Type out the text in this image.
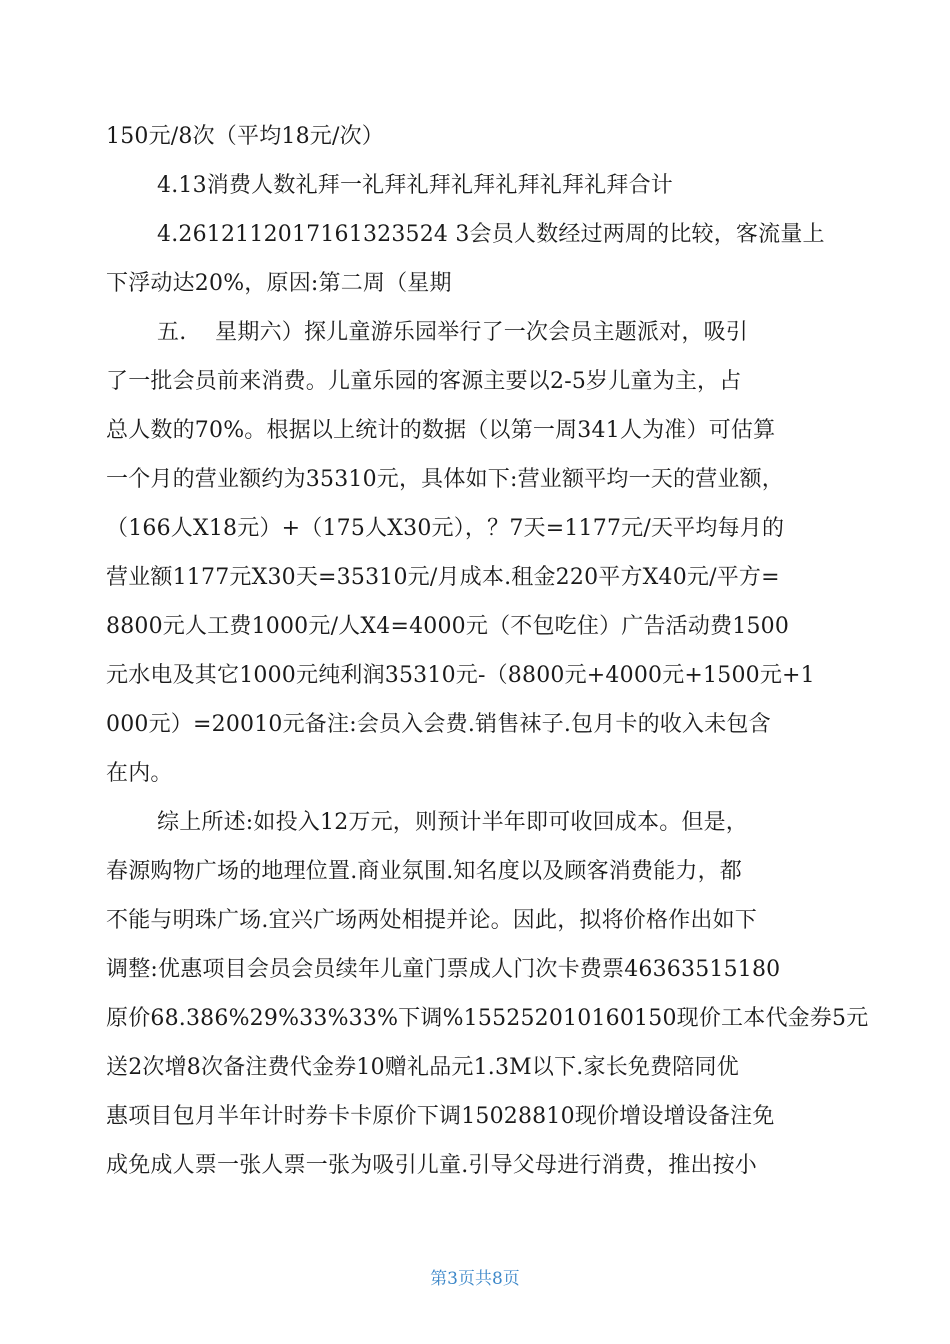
150元/8次（平均18元/次）
4.13消费人数礼拜一礼拜礼拜礼拜礼拜礼拜礼拜合计
4.2612112017161323524 3会员人数经过两周的比较，客流量上
下浮动达20%，原因:第二周（星期
五.    星期六）探儿童游乐园举行了一次会员主题派对，吸引
了一批会员前来消费。儿童乐园的客源主要以2-5岁儿童为主，占
总人数的70%。根据以上统计的数据（以第一周341人为准）可估算
一个月的营业额约为35310元，具体如下:营业额平均一天的营业额，
（166人X18元）+（175人X30元），？7天=1177元/天平均每月的
营业额1177元X30天=35310元/月成本.租金220平方X40元/平方=
8800元人工费1000元/人X4=4000元（不包吃住）广告活动费1500
元水电及其它1000元纯利润35310元-（8800元+4000元+1500元+1
000元）=20010元备注:会员入会费.销售袜子.包月卡的收入未包含
在内。
综上所述:如投入12万元，则预计半年即可收回成本。但是，
春源购物广场的地理位置.商业氛围.知名度以及顾客消费能力，都
不能与明珠广场.宜兴广场两处相提并论。因此，拟将价格作出如下
调整:优惠项目会员会员续年儿童门票成人门次卡费票46363515180
原价68.386%29%33%33%下调%155252010160150现价工本代金券5元
送2次增8次备注费代金券10赠礼品元1.3M以下.家长免费陪同优
惠项目包月半年计时券卡卡原价下调15028810现价增设增设备注免
成免成人票一张人票一张为吸引儿童.引导父母进行消费，推出按小
第3页共8页
